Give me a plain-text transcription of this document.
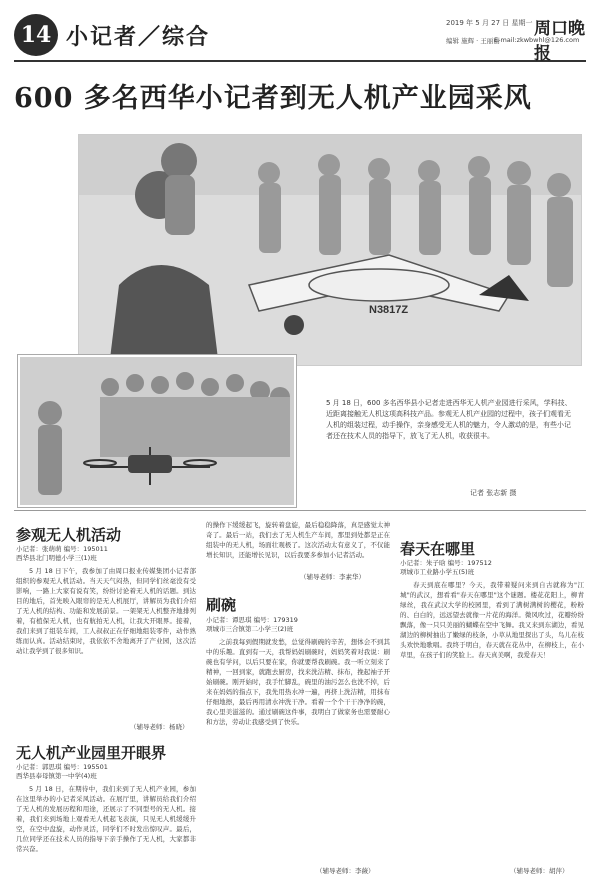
14 小记者／综合
2019 年 5 月 27 日 星期一 周口晚报
编辑 施辉 · 王丽丽
E-mail:zkwbwhl@126.com
600 多名西华小记者到无人机产业园采风
N3817Z
5 月 18 日，600 多名西华县小记者走进西华无人机产业园进行采风，学科技、近距离接触无人机这项高科技产品。参观无人机产业园的过程中，孩子们观看无人机的组装过程，动手操作，亲身感受无人机的魅力，令人激动的是，有些小记者还在技术人员的指导下，放飞了无人机，收获很丰。
记者 张志新 摄
参观无人机活动
小记者：张萌萌 编号：195011
西华县北门明德小学三(1)班
5 月 18 日下午，我参加了由周口报业传媒集团小记者部组织的参观无人机活动。当天天气闷热，但同学们丝毫没有受影响，一路上大家有说有笑，纷纷讨论着无人机的话题。到达目的地后，首先映入眼帘的是无人机展厅，讲解员为我们介绍了无人机的结构、功能和发展前景。一架架无人机整齐地排列着，有植保无人机，也有航拍无人机，让我大开眼界。接着，我们来到了组装车间，工人叔叔正在仔细地组装零件，动作熟练而认真。活动结束时，我依依不舍地离开了产业园，这次活动让我学到了很多知识。
（辅导老师：杨晓）
无人机产业园里开眼界
小记者：郭思琪 编号：195501
西华县奉母镇第一中学(4)班
5 月 18 日，在期待中，我们来到了无人机产业园，参加在这里举办的小记者采风活动。在展厅里，讲解员给我们介绍了无人机的发展历程和用途，还展示了不同型号的无人机。接着，我们来到场地上观看无人机起飞表演，只见无人机缓缓升空，在空中盘旋，动作灵活，同学们不时发出惊叹声。最后，几位同学还在技术人员的指导下亲手操作了无人机，大家都非常兴奋。
的操作下缓缓起飞，旋转着盘旋，最后稳稳降落，真是感觉太神奇了。最后一站，我们去了无人机生产车间，那里到处都是正在组装中的无人机，场面壮观极了。这次活动太有意义了，不仅能增长知识，还能增长见识，以后我要多参加小记者活动。
（辅导老师：李素华）
刷碗
小记者：谭思琪 编号：179319
项城市三合镇第二小学三(2)班
之前我每到假期就发愁，总觉得刷碗的辛苦，想体会不到其中的乐趣。直到有一天，我帮妈妈刷碗时，妈妈笑着对我说：刷碗也有学问，以后只要在家，你就要帮我刷碗。我一听立刻来了精神，一回到家，就跑去厨房，找来洗洁精、抹布，挽起袖子开始刷碗。刚开始时，我手忙脚乱，碗里的油污怎么也洗不掉，后来在妈妈的指点下，我先用热水冲一遍，再挤上洗洁精，用抹布仔细地擦，最后再用清水冲洗干净。看着一个个干干净净的碗，我心里美滋滋的。通过刷碗这件事，我明白了做家务也需要耐心和方法，劳动让我感受到了快乐。
（辅导老师：李薇）
春天在哪里
小记者：朱子晗 编号：197512
项城市工业路小学五(5)班
春天到底在哪里？今天，我带着疑问来到自古就称为"江城"的武汉，想看看"春天在哪里"这个谜题。楼花花阳上，柳青绿丝，我在武汉大学的校园里，看到了满树满树的樱花，粉粉的、白白的，远远望去就像一片花的海洋。微风吹过，花瓣纷纷飘落，像一只只美丽的蝴蝶在空中飞舞。我又来到东湖边，看见湖边的柳树抽出了嫩绿的枝条，小草从地里探出了头，鸟儿在枝头欢快地歌唱。我终于明白，春天就在花丛中，在柳枝上，在小草里，在孩子们的笑脸上。春天真美啊，我爱春天！
（辅导老师：胡萍）
